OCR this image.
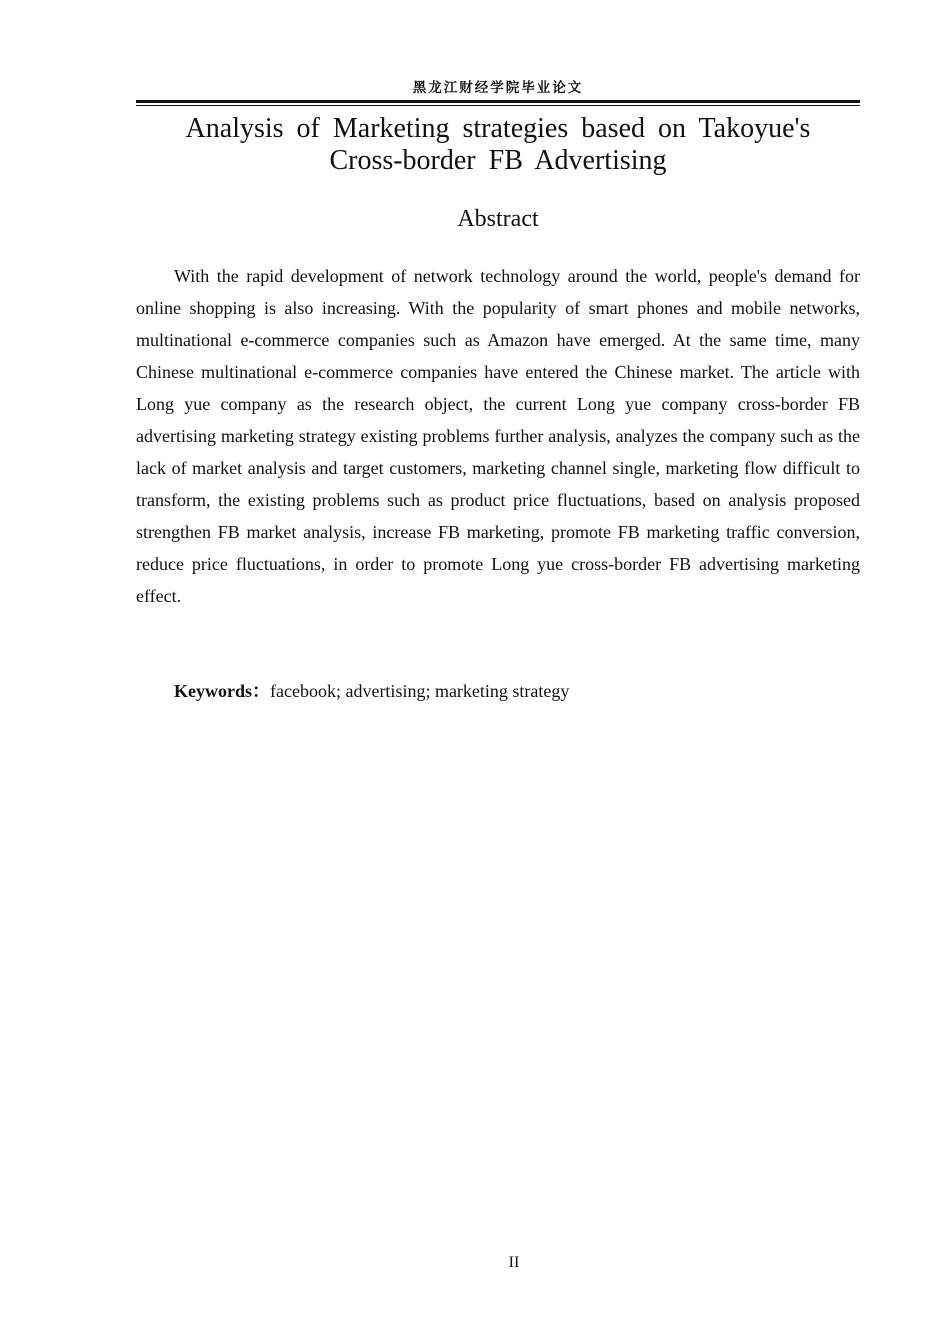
黑龙江财经学院毕业论文
Analysis of Marketing strategies based on Takoyue's
Cross-border FB Advertising
Abstract

With the rapid development of network technology around the world, people's demand for online shopping is also increasing. With the popularity of smart phones and mobile networks, multinational e-commerce companies such as Amazon have emerged. At the same time, many Chinese multinational e-commerce companies have entered the Chinese market. The article with Long yue company as the research object, the current Long yue company cross-border FB advertising marketing strategy existing problems further analysis, analyzes the company such as the lack of market analysis and target customers, marketing channel single, marketing flow difficult to transform, the existing problems such as product price fluctuations, based on analysis proposed strengthen FB market analysis, increase FB marketing, promote FB marketing traffic conversion, reduce price fluctuations, in order to promote Long yue cross-border FB advertising marketing effect.

Keywords：facebook; advertising; marketing strategy

II
